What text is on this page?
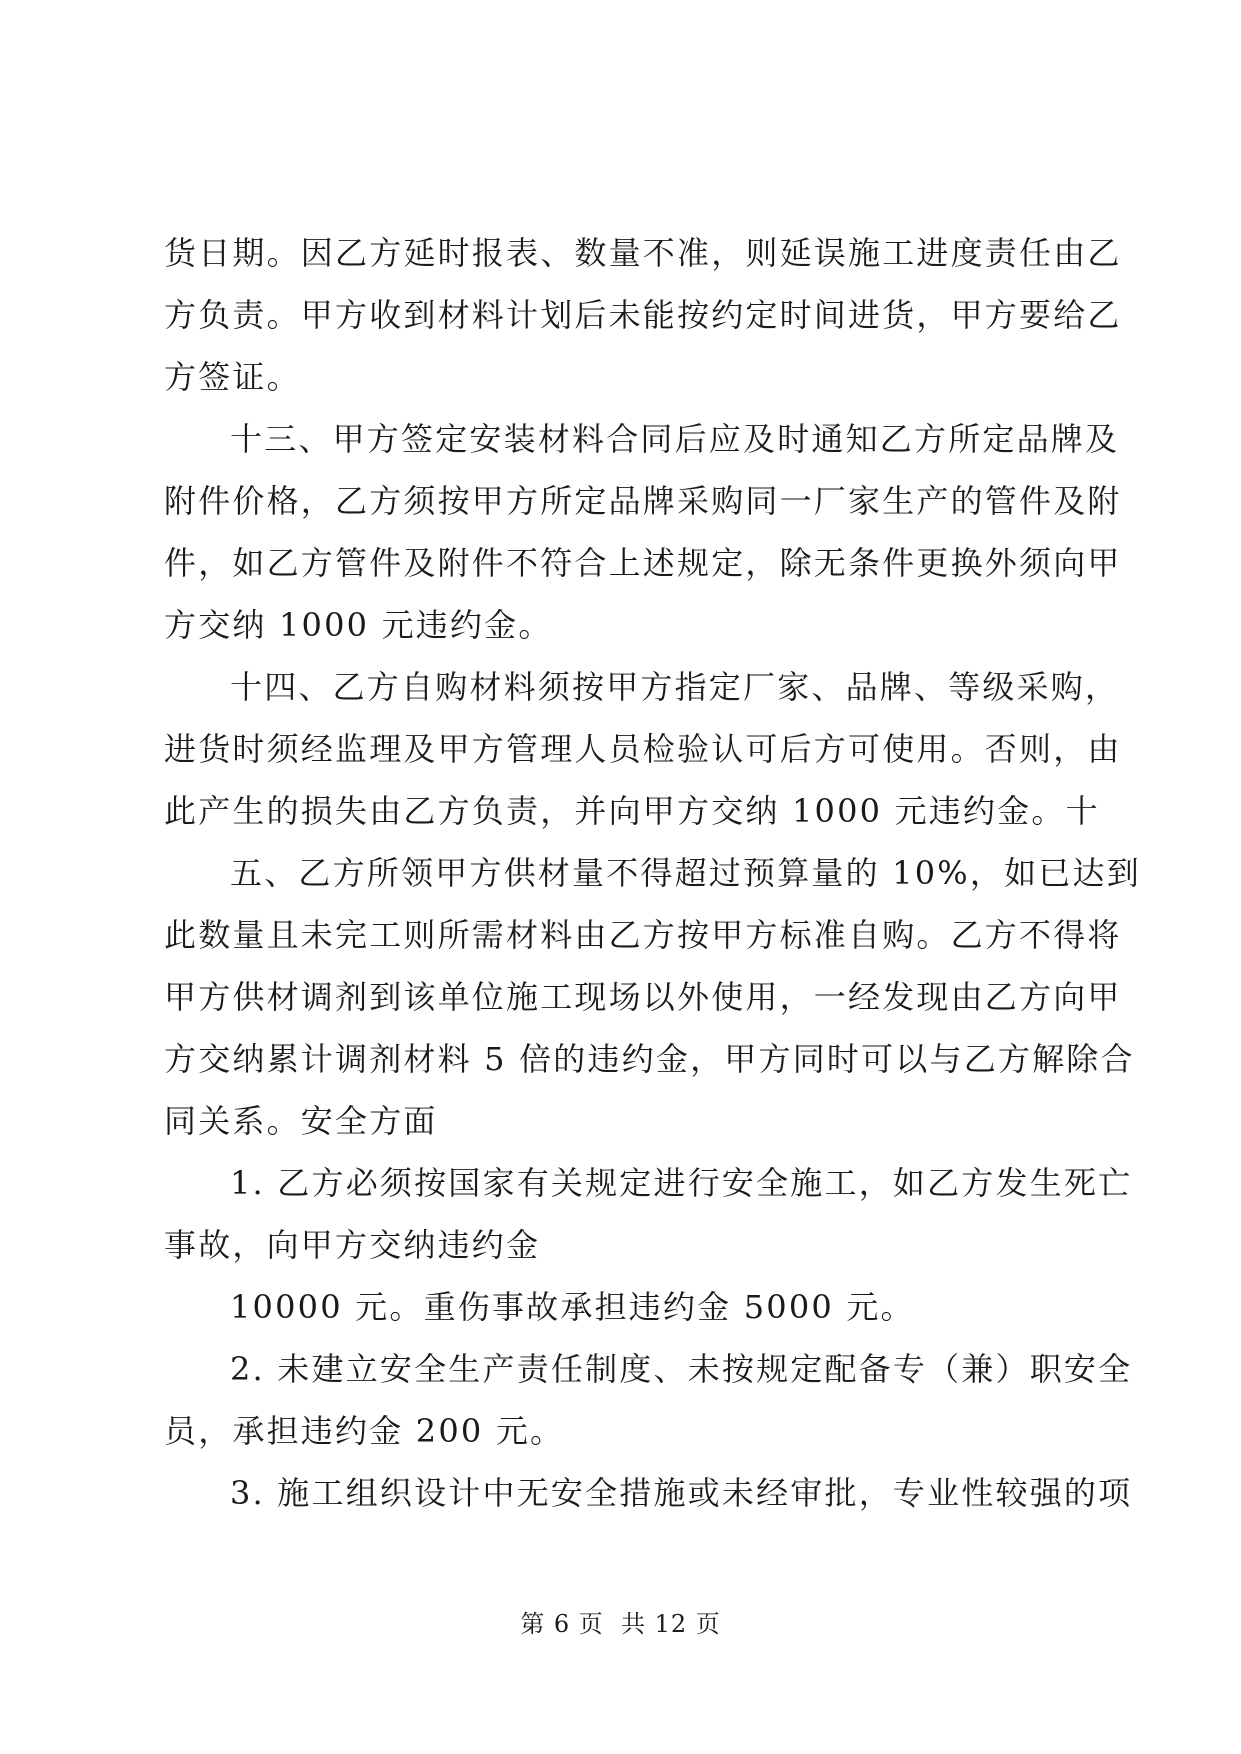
货日期。因乙方延时报表、数量不准，则延误施工进度责任由乙
方负责。甲方收到材料计划后未能按约定时间进货，甲方要给乙
方签证。
十三、甲方签定安装材料合同后应及时通知乙方所定品牌及
附件价格，乙方须按甲方所定品牌采购同一厂家生产的管件及附
件，如乙方管件及附件不符合上述规定，除无条件更换外须向甲
方交纳 1000 元违约金。
十四、乙方自购材料须按甲方指定厂家、品牌、等级采购，
进货时须经监理及甲方管理人员检验认可后方可使用。否则，由
此产生的损失由乙方负责，并向甲方交纳 1000 元违约金。十
五、乙方所领甲方供材量不得超过预算量的 10%，如已达到
此数量且未完工则所需材料由乙方按甲方标准自购。乙方不得将
甲方供材调剂到该单位施工现场以外使用，一经发现由乙方向甲
方交纳累计调剂材料 5 倍的违约金，甲方同时可以与乙方解除合
同关系。安全方面
1. 乙方必须按国家有关规定进行安全施工，如乙方发生死亡
事故，向甲方交纳违约金
10000 元。重伤事故承担违约金 5000 元。
2. 未建立安全生产责任制度、未按规定配备专（兼）职安全
员，承担违约金 200 元。
3. 施工组织设计中无安全措施或未经审批，专业性较强的项
第 6 页  共 12 页
